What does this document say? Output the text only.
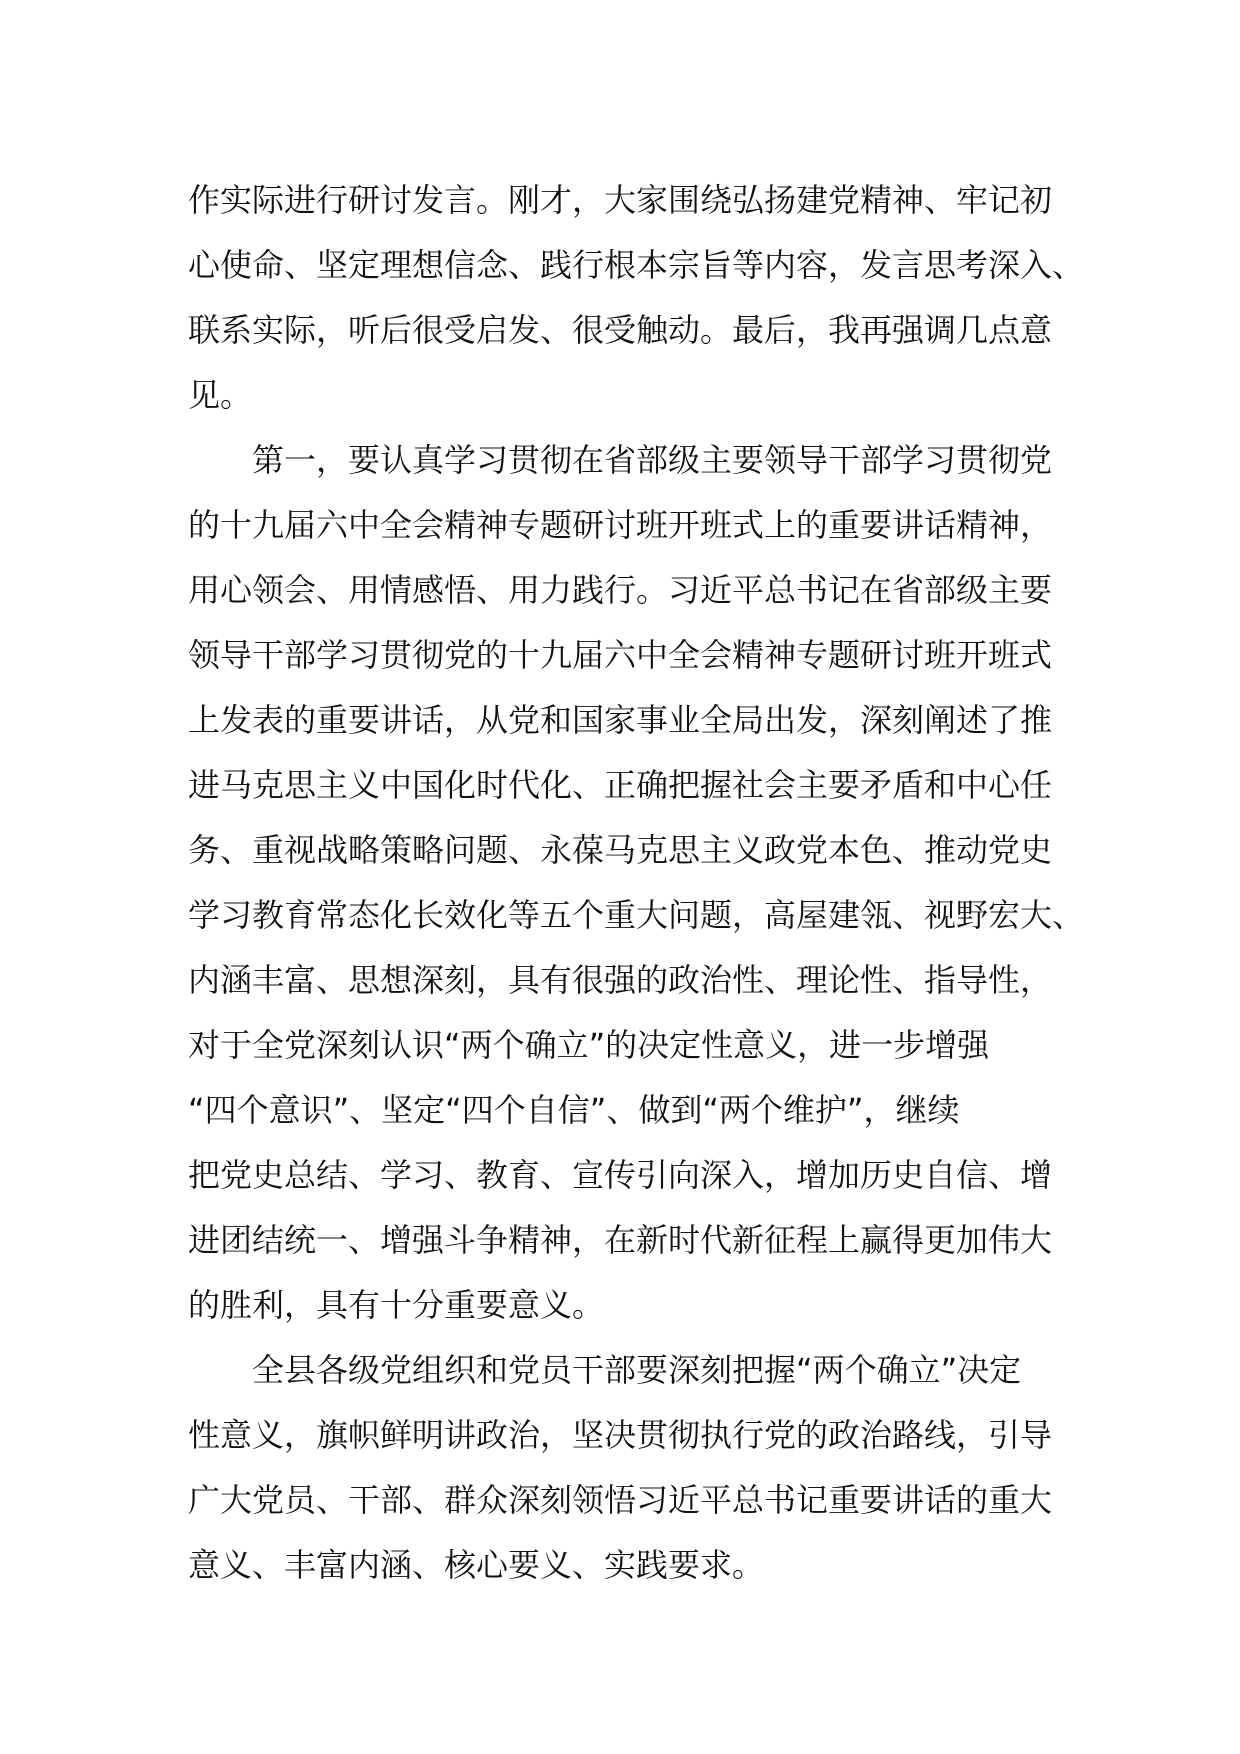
作实际进行研讨发言。刚才，大家围绕弘扬建党精神、牢记初
心使命、坚定理想信念、践行根本宗旨等内容，发言思考深入、
联系实际，听后很受启发、很受触动。最后，我再强调几点意
见。
第一，要认真学习贯彻在省部级主要领导干部学习贯彻党
的十九届六中全会精神专题研讨班开班式上的重要讲话精神，
用心领会、用情感悟、用力践行。习近平总书记在省部级主要
领导干部学习贯彻党的十九届六中全会精神专题研讨班开班式
上发表的重要讲话，从党和国家事业全局出发，深刻阐述了推
进马克思主义中国化时代化、正确把握社会主要矛盾和中心任
务、重视战略策略问题、永葆马克思主义政党本色、推动党史
学习教育常态化长效化等五个重大问题，高屋建瓴、视野宏大、
内涵丰富、思想深刻，具有很强的政治性、理论性、指导性，
对于全党深刻认识“两个确立”的决定性意义，进一步增强
“四个意识”、坚定“四个自信”、做到“两个维护”，继续
把党史总结、学习、教育、宣传引向深入，增加历史自信、增
进团结统一、增强斗争精神，在新时代新征程上赢得更加伟大
的胜利，具有十分重要意义。
全县各级党组织和党员干部要深刻把握“两个确立”决定
性意义，旗帜鲜明讲政治，坚决贯彻执行党的政治路线，引导
广大党员、干部、群众深刻领悟习近平总书记重要讲话的重大
意义、丰富内涵、核心要义、实践要求。
